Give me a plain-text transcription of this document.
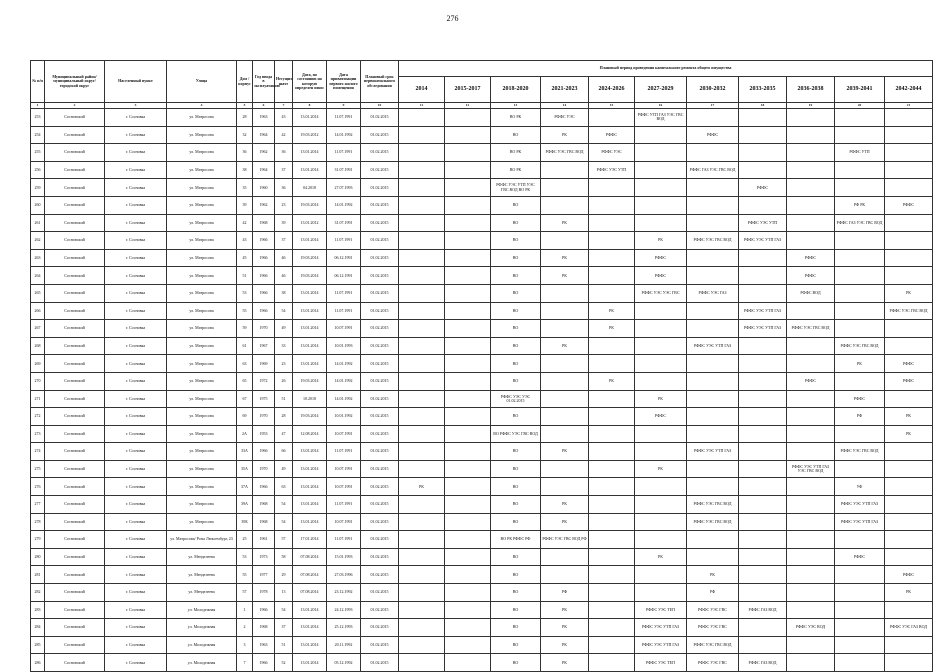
276
№ п/п	Муниципальный район/муниципальный округ/городской округ	Населенный пункт	Улица	Дом / корпус	Год ввода в эксплуатацию	Несущих шахт	Дата, по состоянию на которую определен износ	Дата приватизации первого жилого помещения	Плановый срок первоначального обследования	Плановый период проведения капитального ремонта общего имущества										
										2014	2015-2017	2018-2020	2021-2023	2024-2026	2027-2029	2030-2032	2033-2035	2036-2038	2039-2041	2042-2044
1	2	3	4	5	6	7	8	9	10	11	12	13	14	15	16	17	18	19	20	21
253	Сосновский	г. Сосновка	ул. Матросова	28	1963	43	13.01.2014	11.07.1991	01.02.2015			ВО РК	РФФС УЭС		РФФС УТП ГАЗ УЭС ГВС ВОД					
254	Сосновский	г. Сосновка	ул. Матросова	32	1964	42	19.03.2012	14.01.1992	01.02.2015			ВО	РК	РФФС		РФФС				
255	Сосновский	г. Сосновка	ул. Матросова	36	1962	36	13.01.2014	11.07.1991	01.02.2015			ВО РК	РФФС УЭС ГВС ВОД	РФФС УЭС					РФФС УТП	
256	Сосновский	г. Сосновка	ул. Матросова	38	1964	37	13.01.2014	31.07.1991	01.02.2015			ВО РК		РФФС УЭС УТП		РФФС ГАЗ УЭС ГВС ВОД				
259	Сосновский	г. Сосновка	ул. Матросова	35	1960	36	04.2018	27.07.1993	01.02.2015			РФФС УЭС УТП УЭС ГВС ВОД ВО РК					РФФС			
260	Сосновский	г. Сосновка	ул. Матросова	39	1962	23	19.03.2014	14.01.1992	01.02.2015			ВО							РФ РК	РФФС
261	Сосновский	г. Сосновка	ул. Матросова	42	1968	39	13.01.2012	31.07.1991	01.02.2015			ВО	РК				РФФС УЭС УТП		РФФС ГАЗ УЭС ГВС ВОД	
262	Сосновский	г. Сосновка	ул. Матросова	43	1966	37	13.01.2014	11.07.1991	01.02.2015			ВО			РК	РФФС УЭС ГВС ВОД	РФФС УЭС УТП ГАЗ			
263	Сосновский	г. Сосновка	ул. Матросова	45	1966	46	19.03.2014	06.12.1991	01.02.2015			ВО	РК		РФФС			РФФС		
264	Сосновский	г. Сосновка	ул. Матросова	51	1966	46	19.03.2014	06.12.1991	01.02.2015			ВО	РК		РФФС			РФФС		
265	Сосновский	г. Сосновка	ул. Матросова	53	1966	38	13.01.2014	11.07.1991	01.02.2015			ВО			РФФС УЭС УЭС ГВС	РФФС УЭС ГАЗ		РФФС ВОД		РК
266	Сосновский	г. Сосновка	ул. Матросова	55	1966	54	13.01.2014	11.07.1991	01.02.2015			ВО		РК			РФФС УЭС УТП ГАЗ			РФФС УЭС ГВС ВОД
267	Сосновский	г. Сосновка	ул. Матросова	59	1970	49	13.01.2014	10.07.1991	01.02.2015			ВО		РК			РФФС УЭС УТП ГАЗ	РФФС УЭС ГВС ВОД		
268	Сосновский	г. Сосновка	ул. Матросова	61	1967	33	13.01.2014	10.01.1993	01.02.2015			ВО	РК			РФФС УЭС УТП ГАЗ			РФФС УЭС ГВС ВОД	
269	Сосновский	г. Сосновка	ул. Матросова	63	1969	23	13.01.2014	14.01.1992	01.02.2015			ВО							РК	РФФС
270	Сосновский	г. Сосновка	ул. Матросова	65	1972	26	19.03.2014	14.01.1992	01.02.2015			ВО		РК				РФФС		РФФС
271	Сосновский	г. Сосновка	ул. Матросова	67	1975	51	10.2018	14.01.1992	01.02.2015			РФФС УЭС УЭС 01.02.2015			РК				РФФС	
272	Сосновский	г. Сосновка	ул. Матросова	69	1970	28	19.03.2014	10.01.1992	01.02.2015			ВО			РФФС				РФ	РК
273	Сосновский	г. Сосновка	ул. Матросова	2А	1953	47	12.08.2014	10.07.1991	01.02.2015			ВО РФФС УЭС ГВС ВОД								РК
274	Сосновский	г. Сосновка	ул. Матросова	33А	1966	66	13.01.2014	11.07.1991	01.02.2015			ВО	РК			РФФС УЭС УТП ГАЗ			РФФС УЭС ГВС ВОД	
275	Сосновский	г. Сосновка	ул. Матросова	35А	1970	49	13.01.2014	10.07.1991	01.02.2015			ВО			РК			РФФС УЭС УТП ГАЗ УЭС ГВС ВОД		
276	Сосновский	г. Сосновка	ул. Матросова	37А	1966	63	13.01.2014	10.07.1991	01.02.2015	РК		ВО							УФ	
277	Сосновский	г. Сосновка	ул. Матросова	39А	1968	54	13.01.2014	11.07.1991	01.02.2015			ВО	РК			РФФС УЭС ГВС ВОД			РФФС УЭС УТП ГАЗ	
278	Сосновский	г. Сосновка	ул. Матросова	39Б	1968	54	13.01.2014	10.07.1991	01.02.2015			ВО	РК			РФФС УЭС ГВС ВОД			РФФС УЭС УТП ГАЗ	
279	Сосновский	г. Сосновка	ул. Матросова/ Розы Люксембург, 23	25	1961	57	17.01.2014	11.07.1991	01.02.2015			ВО РК РФФС РФ	РФФС УЭС ГВС ВОД РФ							
280	Сосновский	г. Сосновка	ул. Менделеева	53	1973	58	07.08.2014	15.01.1993	01.02.2015			ВО			РК				РФФС	
281	Сосновский	г. Сосновка	ул. Менделеева	55	1977	29	07.08.2014	27.03.1996	01.02.2015			ВО				РК				РФФС
282	Сосновский	г. Сосновка	ул. Менделеева	57	1978	13	07.08.2014	23.12.1992	01.02.2015			ВО	РФ			РФ				РК
283	Сосновский	г. Сосновка	ул. Молодежная	1	1966	54	13.01.2014	24.12.1993	01.02.2015			ВО	РК		РФФС УЭС ТЕП	РФФС УЭС ГВС	РФФС ГАЗ ВОД			
284	Сосновский	г. Сосновка	ул. Молодежная	2	1968	37	13.01.2014	25.12.1993	01.02.2015			ВО	РК		РФФС УЭС УТП ГАЗ	РФФС УЭС ГВС		РФФС УЭС ВОД		РФФС УЭС ГАЗ ВОД
285	Сосновский	г. Сосновка	ул. Молодежная	3	1963	51	13.01.2014	20.11.1992	01.02.2015			ВО	РК		РФФС УЭС УТП ГАЗ	РФФС УЭС ГВС ВОД				
286	Сосновский	г. Сосновка	ул. Молодежная	7	1966	52	13.01.2014	05.12.1992	01.02.2015			ВО	РК		РФФС УЭС ТЕП	РФФС УЭС ГВС	РФФС ГАЗ ВОД			
